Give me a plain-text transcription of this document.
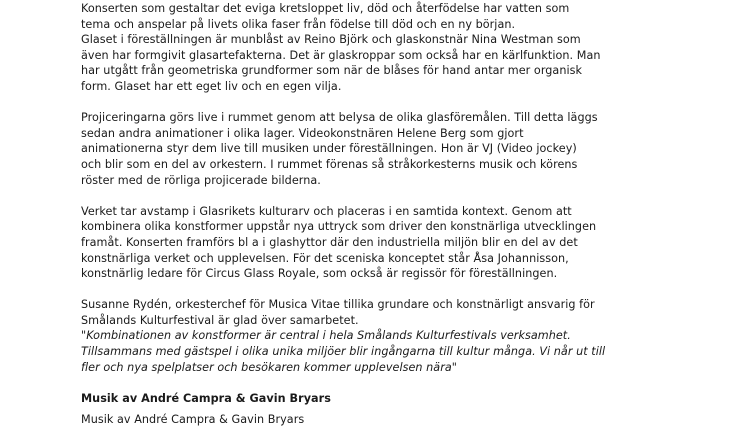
Konserten som gestaltar det eviga kretsloppet liv, död och återfödelse har vatten som
tema och anspelar på livets olika faser från födelse till död och en ny början.
Glaset i föreställningen är munblåst av Reino Björk och glaskonstnär Nina Westman som
även har formgivit glasartefakterna. Det är glaskroppar som också har en kärlfunktion. Man
har utgått från geometriska grundformer som när de blåses för hand antar mer organisk
form. Glaset har ett eget liv och en egen vilja.

Projiceringarna görs live i rummet genom att belysa de olika glasföremålen. Till detta läggs
sedan andra animationer i olika lager. Videokonstnären Helene Berg som gjort
animationerna styr dem live till musiken under föreställningen. Hon är VJ (Video jockey)
och blir som en del av orkestern. I rummet förenas så stråkorkesterns musik och körens
röster med de rörliga projicerade bilderna.

Verket tar avstamp i Glasrikets kulturarv och placeras i en samtida kontext. Genom att
kombinera olika konstformer uppstår nya uttryck som driver den konstnärliga utvecklingen
framåt. Konserten framförs bl a i glashyttor där den industriella miljön blir en del av det
konstnärliga verket och upplevelsen. För det sceniska konceptet står Åsa Johannisson,
konstnärlig ledare för Circus Glass Royale, som också är regissör för föreställningen.

Susanne Rydén, orkesterchef för Musica Vitae tillika grundare och konstnärligt ansvarig för
Smålands Kulturfestival är glad över samarbetet.
"Kombinationen av konstformer är central i hela Smålands Kulturfestivals verksamhet.
Tillsammans med gästspel i olika unika miljöer blir ingångarna till kultur många. Vi når ut till
fler och nya spelplatser och besökaren kommer upplevelsen nära"

Musik av André Campra & Gavin Bryars

Musik av André Campra & Gavin Bryars
